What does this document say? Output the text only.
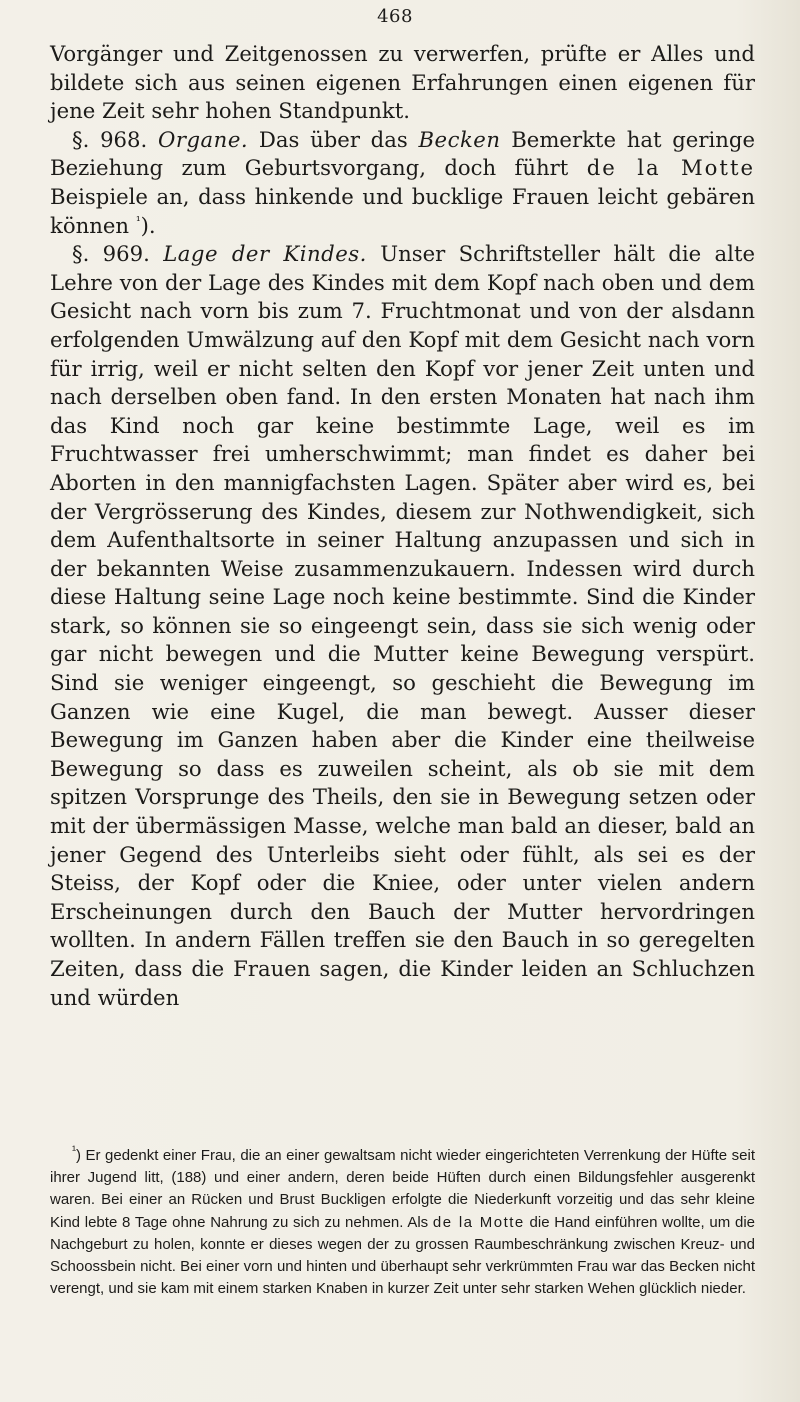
468

Vorgänger und Zeitgenossen zu verwerfen, prüfte er Alles und bildete sich aus seinen eigenen Erfahrungen einen eigenen für jene Zeit sehr hohen Standpunkt.

§. 968. Organe. Das über das Becken Bemerkte hat geringe Beziehung zum Geburtsvorgang, doch führt de la Motte Beispiele an, dass hinkende und bucklige Frauen leicht gebären können $^{^1}$).

§. 969. Lage der Kindes. Unser Schriftsteller hält die alte Lehre von der Lage des Kindes mit dem Kopf nach oben und dem Gesicht nach vorn bis zum 7. Fruchtmonat und von der alsdann erfolgenden Umwälzung auf den Kopf mit dem Gesicht nach vorn für irrig, weil er nicht selten den Kopf vor jener Zeit unten und nach derselben oben fand. In den ersten Monaten hat nach ihm das Kind noch gar keine bestimmte Lage, weil es im Fruchtwasser frei umherschwimmt; man findet es daher bei Aborten in den mannigfachsten Lagen. Später aber wird es, bei der Vergrösserung des Kindes, diesem zur Nothwendigkeit, sich dem Aufenthaltsorte in seiner Haltung anzupassen und sich in der bekannten Weise zusammenzukauern. Indessen wird durch diese Haltung seine Lage noch keine bestimmte. Sind die Kinder stark, so können sie so eingeengt sein, dass sie sich wenig oder gar nicht bewegen und die Mutter keine Bewegung verspürt. Sind sie weniger eingeengt, so geschieht die Bewegung im Ganzen wie eine Kugel, die man bewegt. Ausser dieser Bewegung im Ganzen haben aber die Kinder eine theilweise Bewegung so dass es zuweilen scheint, als ob sie mit dem spitzen Vorsprunge des Theils, den sie in Bewegung setzen oder mit der übermässigen Masse, welche man bald an dieser, bald an jener Gegend des Unterleibs sieht oder fühlt, als sei es der Steiss, der Kopf oder die Kniee, oder unter vielen andern Erscheinungen durch den Bauch der Mutter hervordringen wollten. In andern Fällen treffen sie den Bauch in so geregelten Zeiten, dass die Frauen sagen, die Kinder leiden an Schluchzen und würden

$^{^1}$) Er gedenkt einer Frau, die an einer gewaltsam nicht wieder eingerichteten Verrenkung der Hüfte seit ihrer Jugend litt, (188) und einer andern, deren beide Hüften durch einen Bildungsfehler ausgerenkt waren. Bei einer an Rücken und Brust Buckligen erfolgte die Niederkunft vorzeitig und das sehr kleine Kind lebte 8 Tage ohne Nahrung zu sich zu nehmen. Als de la Motte die Hand einführen wollte, um die Nachgeburt zu holen, konnte er dieses wegen der zu grossen Raumbeschränkung zwischen Kreuz- und Schoossbein nicht. Bei einer vorn und hinten und überhaupt sehr verkrümmten Frau war das Becken nicht verengt, und sie kam mit einem starken Knaben in kurzer Zeit unter sehr starken Wehen glücklich nieder.
